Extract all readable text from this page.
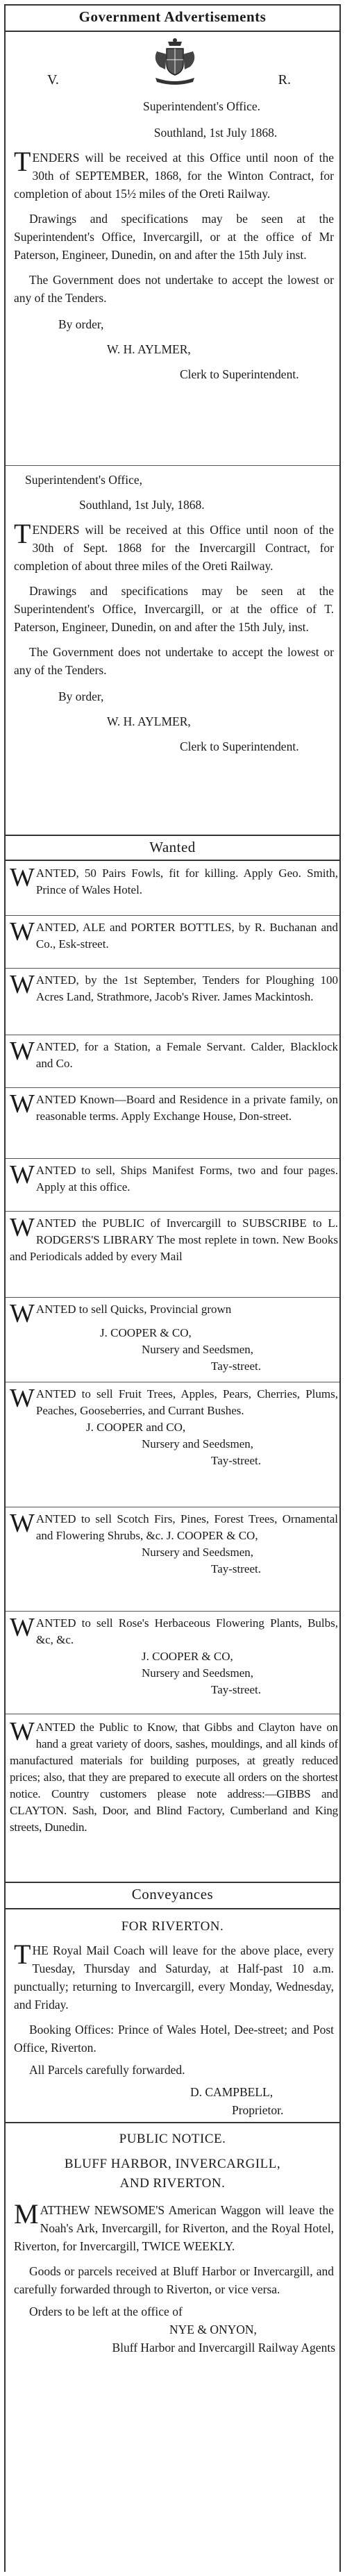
Government Advertisements
V.	R.
Superintendent's Office.
Southland, 1st July 1868.
TENDERS will be received at this Office until noon of the 30th of SEPTEMBER, 1868, for the Winton Contract, for completion of about 15½ miles of the Oreti Railway.
Drawings and specifications may be seen at the Superintendent's Office, Invercargill, or at the office of Mr Paterson, Engineer, Dunedin, on and after the 15th July inst.
The Government does not undertake to accept the lowest or any of the Tenders.
By order,
W. H. AYLMER,
Clerk to Superintendent.
Superintendent's Office,
Southland, 1st July, 1868.
TENDERS will be received at this Office until noon of the 30th of Sept. 1868 for the Invercargill Contract, for completion of about three miles of the Oreti Railway.
Drawings and specifications may be seen at the Superintendent's Office, Invercargill, or at the office of T. Paterson, Engineer, Dunedin, on and after the 15th July, inst.
The Government does not undertake to accept the lowest or any of the Tenders.
By order,
W. H. AYLMER,
Clerk to Superintendent.
Wanted
WANTED, 50 Pairs Fowls, fit for killing. Apply Geo. Smith, Prince of Wales Hotel.
WANTED, ALE and PORTER BOTTLES, by R. Buchanan and Co., Esk-street.
WANTED, by the 1st September, Tenders for Ploughing 100 Acres Land, Strathmore, Jacob's River. James Mackintosh.
WANTED, for a Station, a Female Servant. Calder, Blacklock and Co.
WANTED Known—Board and Residence in a private family, on reasonable terms. Apply Exchange House, Don-street.
WANTED to sell, Ships Manifest Forms, two and four pages. Apply at this office.
WANTED the PUBLIC of Invercargill to SUBSCRIBE to L. RODGERS'S LIBRARY The most replete in town. New Books and Periodicals added by every Mail
WANTED to sell Quicks, Provincial grown
J. COOPER & CO,
Nursery and Seedsmen,
Tay-street.
WANTED to sell Fruit Trees, Apples, Pears, Cherries, Plums, Peaches, Gooseberries, and Currant Bushes.
J. COOPER and CO,
Nursery and Seedsmen,
Tay-street.
WANTED to sell Scotch Firs, Pines, Forest Trees, Ornamental and Flowering Shrubs, &c. J. COOPER & CO,
Nursery and Seedsmen,
Tay-street.
WANTED to sell Rose's Herbaceous Flowering Plants, Bulbs, &c, &c.
J. COOPER & CO,
Nursery and Seedsmen,
Tay-street.
WANTED the Public to Know, that Gibbs and Clayton have on hand a great variety of doors, sashes, mouldings, and all kinds of manufactured materials for building purposes, at greatly reduced prices; also, that they are prepared to execute all orders on the shortest notice. Country customers please note address:—GIBBS and CLAYTON. Sash, Door, and Blind Factory, Cumberland and King streets, Dunedin.
Conveyances
FOR RIVERTON.
THE Royal Mail Coach will leave for the above place, every Tuesday, Thursday and Saturday, at Half-past 10 a.m. punctually; returning to Invercargill, every Monday, Wednesday, and Friday.
Booking Offices: Prince of Wales Hotel, Dee-street; and Post Office, Riverton.
All Parcels carefully forwarded.
D. CAMPBELL,
Proprietor.
PUBLIC NOTICE.
BLUFF HARBOR, INVERCARGILL,
AND RIVERTON.
MATTHEW NEWSOME'S American Waggon will leave the Noah's Ark, Invercargill, for Riverton, and the Royal Hotel, Riverton, for Invercargill, TWICE WEEKLY.
Goods or parcels received at Bluff Harbor or Invercargill, and carefully forwarded through to Riverton, or vice versa.
Orders to be left at the office of
NYE & ONYON,
Bluff Harbor and Invercargill Railway Agents
